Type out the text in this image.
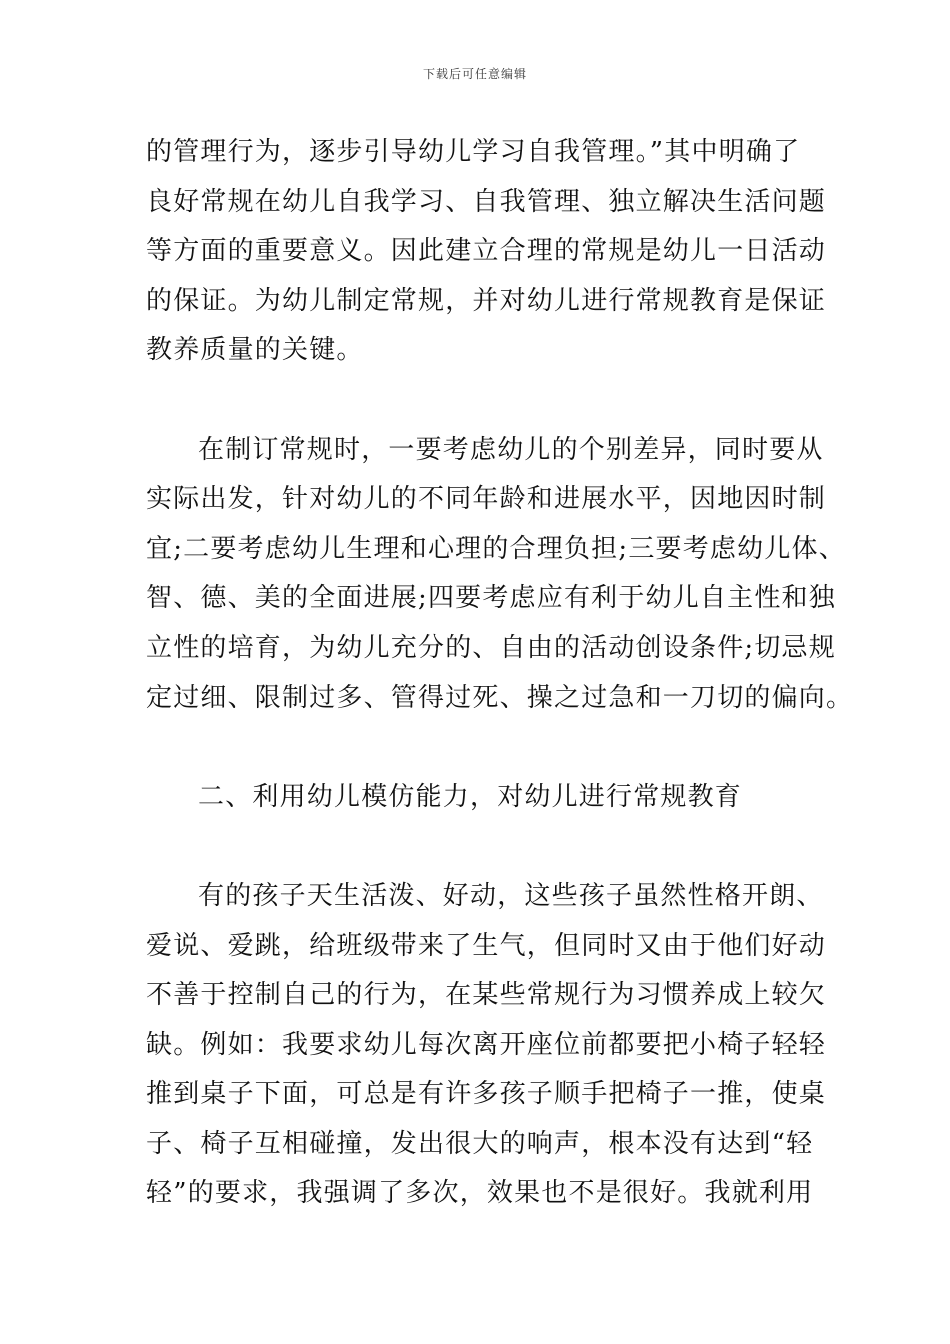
下载后可任意编辑
的管理行为，逐步引导幼儿学习自我管理。”其中明确了
良好常规在幼儿自我学习、自我管理、独立解决生活问题
等方面的重要意义。因此建立合理的常规是幼儿一日活动
的保证。为幼儿制定常规，并对幼儿进行常规教育是保证
教养质量的关键。
在制订常规时，一要考虑幼儿的个别差异，同时要从
实际出发，针对幼儿的不同年龄和进展水平，因地因时制
宜;二要考虑幼儿生理和心理的合理负担;三要考虑幼儿体、
智、德、美的全面进展;四要考虑应有利于幼儿自主性和独
立性的培育，为幼儿充分的、自由的活动创设条件;切忌规
定过细、限制过多、管得过死、操之过急和一刀切的偏向。
二、利用幼儿模仿能力，对幼儿进行常规教育
有的孩子天生活泼、好动，这些孩子虽然性格开朗、
爱说、爱跳，给班级带来了生气，但同时又由于他们好动
不善于控制自己的行为，在某些常规行为习惯养成上较欠
缺。例如：我要求幼儿每次离开座位前都要把小椅子轻轻
推到桌子下面，可总是有许多孩子顺手把椅子一推，使桌
子、椅子互相碰撞，发出很大的响声，根本没有达到“轻
轻”的要求，我强调了多次，效果也不是很好。我就利用
